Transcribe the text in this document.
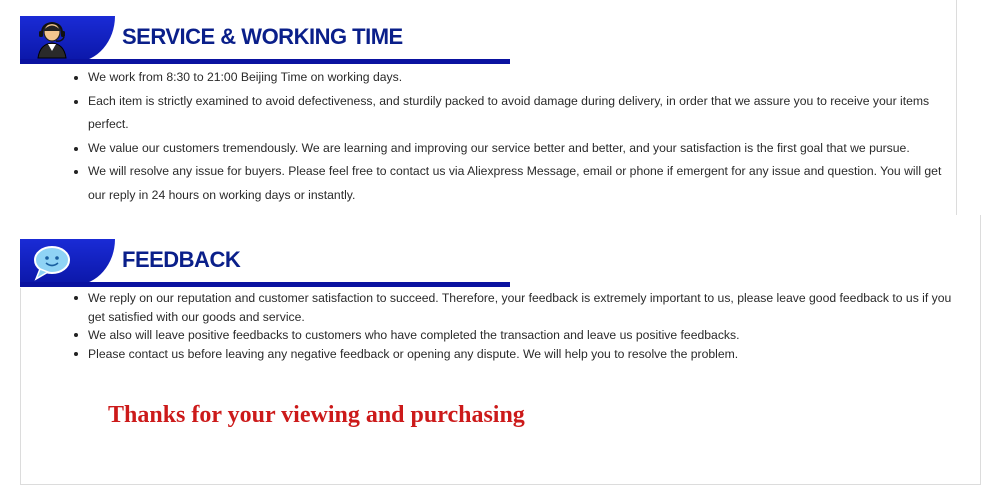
SERVICE & WORKING TIME
We work from 8:30 to 21:00 Beijing Time on working days.
Each item is strictly examined to avoid defectiveness, and sturdily packed to avoid damage during delivery, in order that we assure you to receive your items perfect.
We value our customers tremendously. We are learning and improving our service better and better, and your satisfaction is the first goal that we pursue.
We will resolve any issue for buyers. Please feel free to contact us via Aliexpress Message, email or phone if emergent for any issue and question. You will get our reply in 24 hours on working days or instantly.
FEEDBACK
We reply on our reputation and customer satisfaction to succeed. Therefore, your feedback is extremely important to us, please leave good feedback to us if you get satisfied with our goods and service.
We also will leave positive feedbacks to customers who have completed the transaction and leave us positive feedbacks.
Please contact us before leaving any negative feedback or opening any dispute. We will help you to resolve the problem.
Thanks for your viewing and purchasing
